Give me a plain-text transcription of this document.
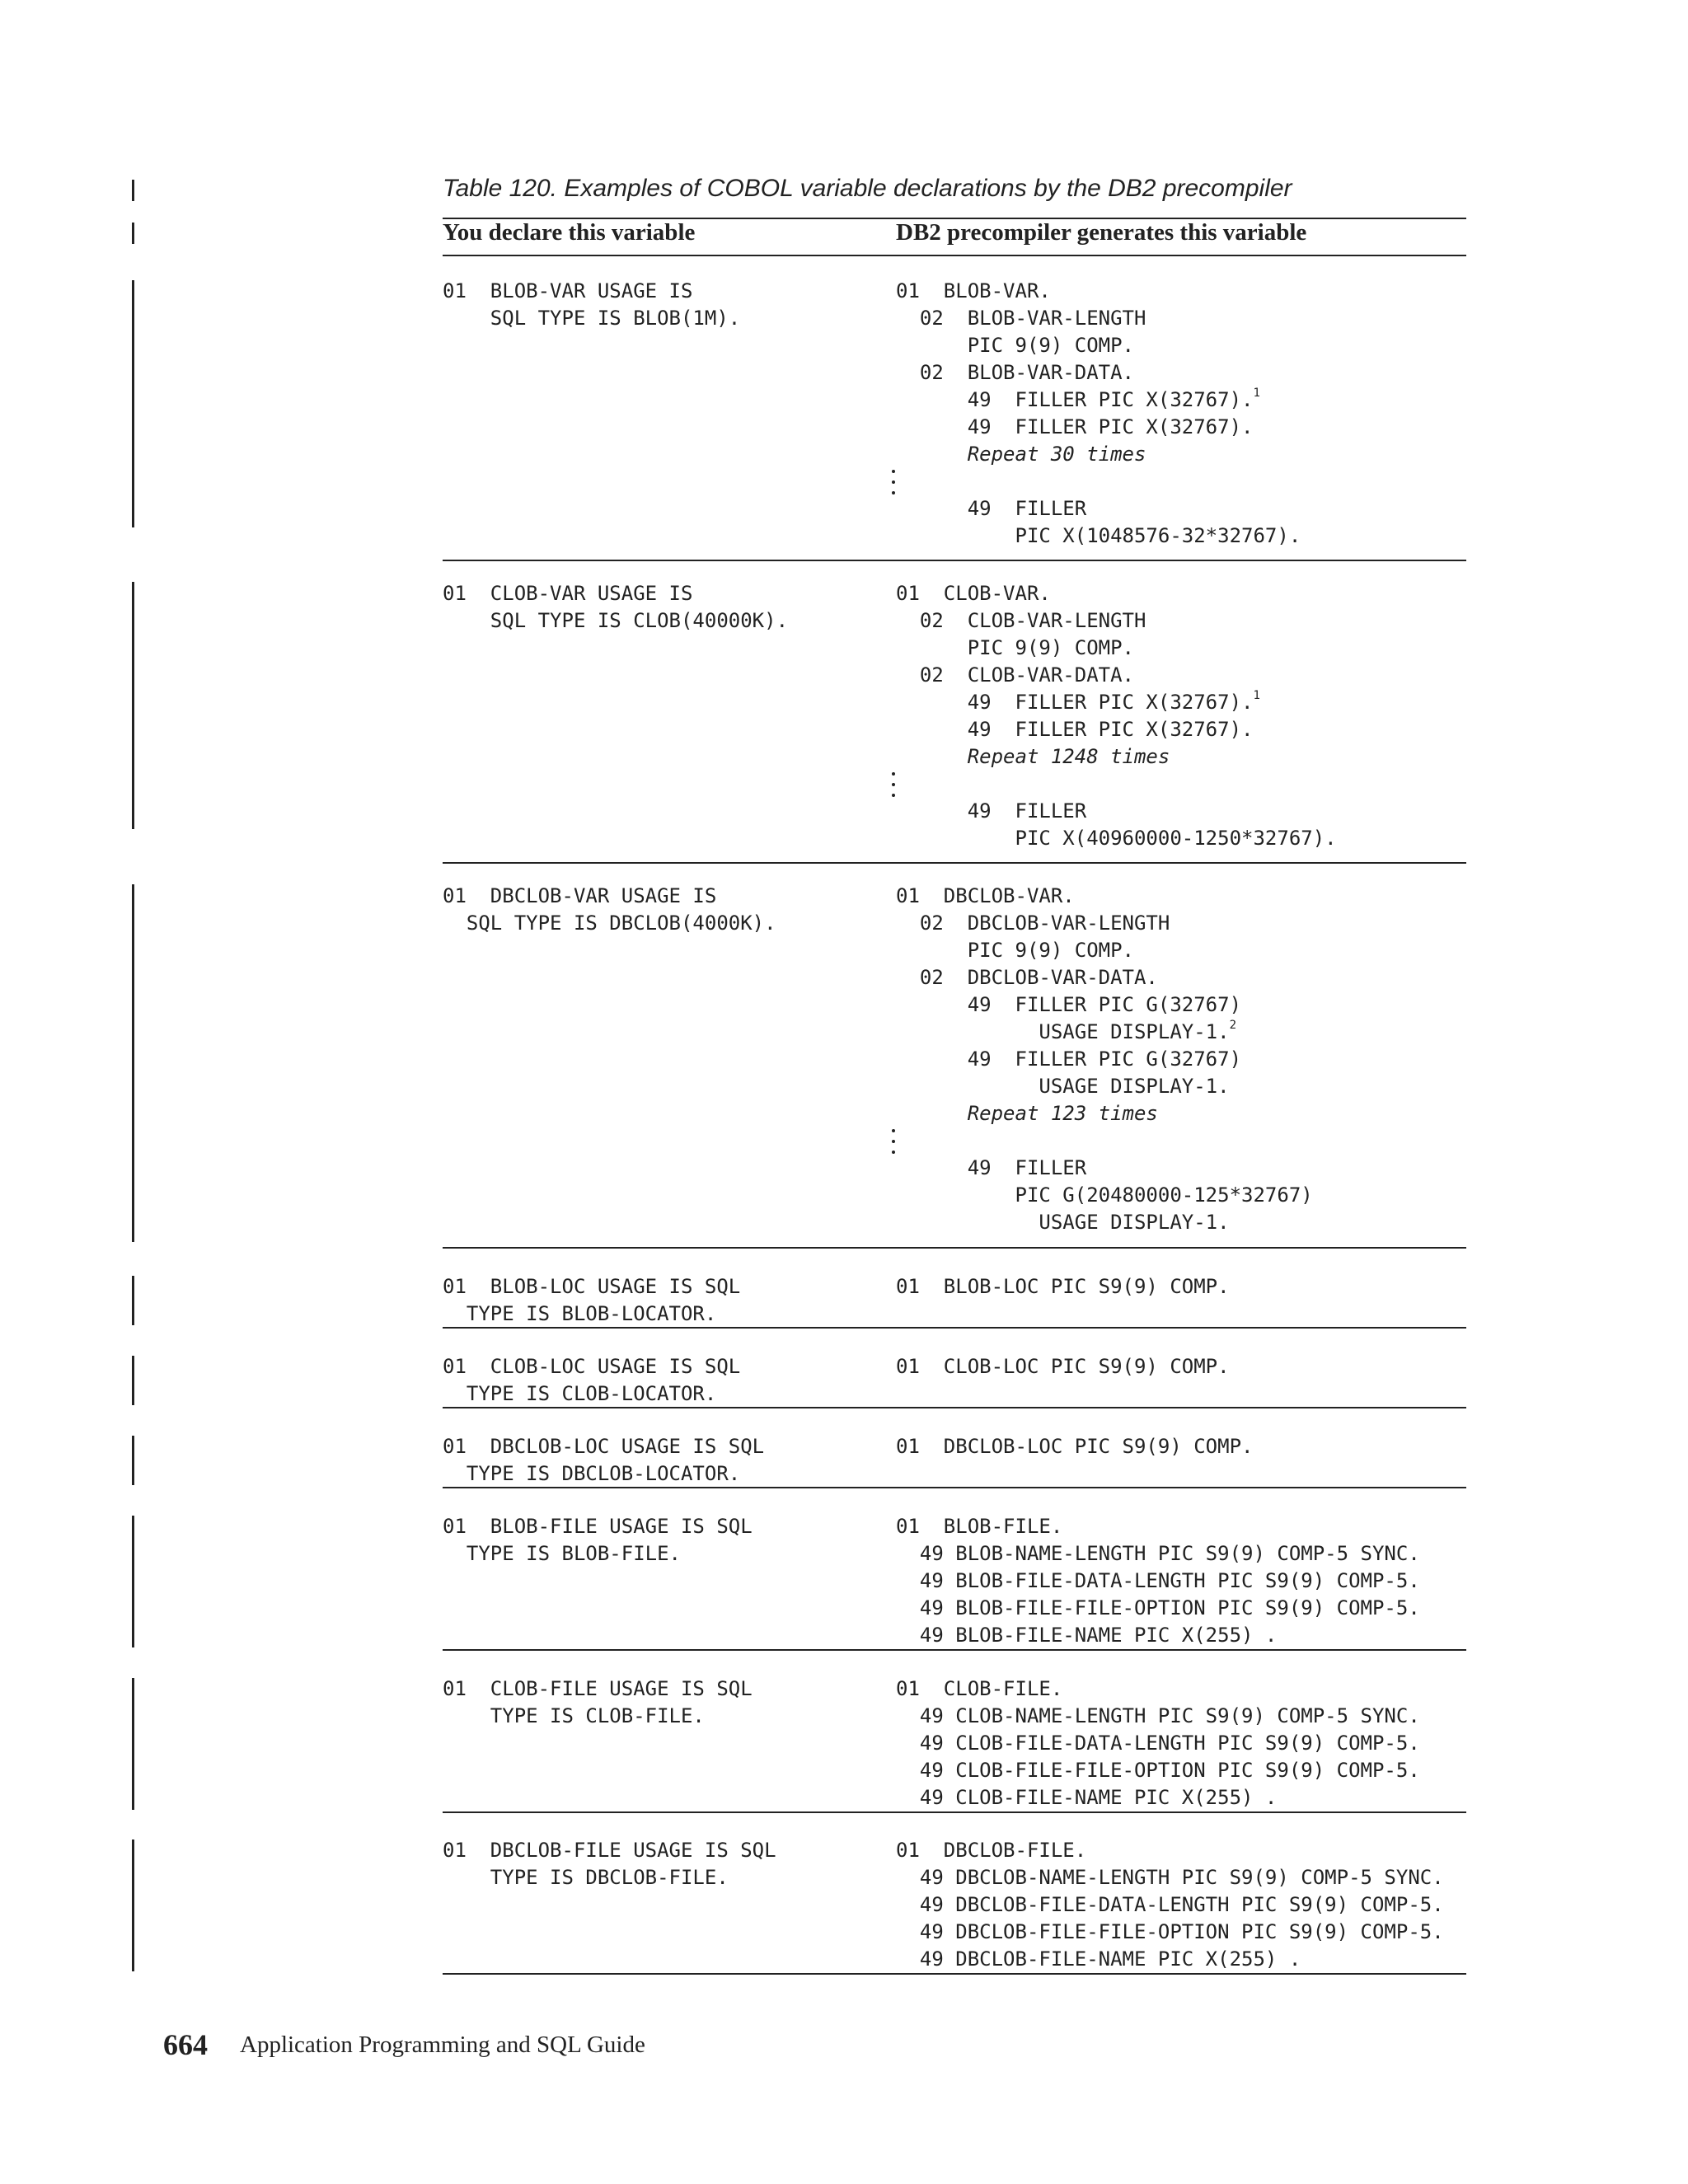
Table 120. Examples of COBOL variable declarations by the DB2 precompiler
You declare this variable	DB2 precompiler generates this variable
01  BLOB-VAR USAGE IS
SQL TYPE IS BLOB(1M).

01  BLOB-VAR.
02  BLOB-VAR-LENGTH
PIC 9(9) COMP.
02  BLOB-VAR-DATA.
49  FILLER PIC X(32767).$^1$
49  FILLER PIC X(32767).
Repeat 30 times

49  FILLER
PIC X(1048576-32*32767).

01  CLOB-VAR USAGE IS
SQL TYPE IS CLOB(40000K).

01  CLOB-VAR.
02  CLOB-VAR-LENGTH
PIC 9(9) COMP.
02  CLOB-VAR-DATA.
49  FILLER PIC X(32767).$^1$
49  FILLER PIC X(32767).
Repeat 1248 times

49  FILLER
PIC X(40960000-1250*32767).

01  DBCLOB-VAR USAGE IS
SQL TYPE IS DBCLOB(4000K).

01  DBCLOB-VAR.
02  DBCLOB-VAR-LENGTH
PIC 9(9) COMP.
02  DBCLOB-VAR-DATA.
49  FILLER PIC G(32767)
USAGE DISPLAY-1.$^2$
49  FILLER PIC G(32767)
USAGE DISPLAY-1.
Repeat 123 times

49  FILLER
PIC G(20480000-125*32767)
USAGE DISPLAY-1.

01  BLOB-LOC USAGE IS SQL
TYPE IS BLOB-LOCATOR.

01  BLOB-LOC PIC S9(9) COMP.

01  CLOB-LOC USAGE IS SQL
TYPE IS CLOB-LOCATOR.

01  CLOB-LOC PIC S9(9) COMP.

01  DBCLOB-LOC USAGE IS SQL
TYPE IS DBCLOB-LOCATOR.

01  DBCLOB-LOC PIC S9(9) COMP.

01  BLOB-FILE USAGE IS SQL
TYPE IS BLOB-FILE.

01  BLOB-FILE.
49 BLOB-NAME-LENGTH PIC S9(9) COMP-5 SYNC.
49 BLOB-FILE-DATA-LENGTH PIC S9(9) COMP-5.
49 BLOB-FILE-FILE-OPTION PIC S9(9) COMP-5.
49 BLOB-FILE-NAME PIC X(255) .

01  CLOB-FILE USAGE IS SQL
TYPE IS CLOB-FILE.

01  CLOB-FILE.
49 CLOB-NAME-LENGTH PIC S9(9) COMP-5 SYNC.
49 CLOB-FILE-DATA-LENGTH PIC S9(9) COMP-5.
49 CLOB-FILE-FILE-OPTION PIC S9(9) COMP-5.
49 CLOB-FILE-NAME PIC X(255) .

01  DBCLOB-FILE USAGE IS SQL
TYPE IS DBCLOB-FILE.

01  DBCLOB-FILE.
49 DBCLOB-NAME-LENGTH PIC S9(9) COMP-5 SYNC.
49 DBCLOB-FILE-DATA-LENGTH PIC S9(9) COMP-5.
49 DBCLOB-FILE-FILE-OPTION PIC S9(9) COMP-5.
49 DBCLOB-FILE-NAME PIC X(255) .

664 Application Programming and SQL Guide
